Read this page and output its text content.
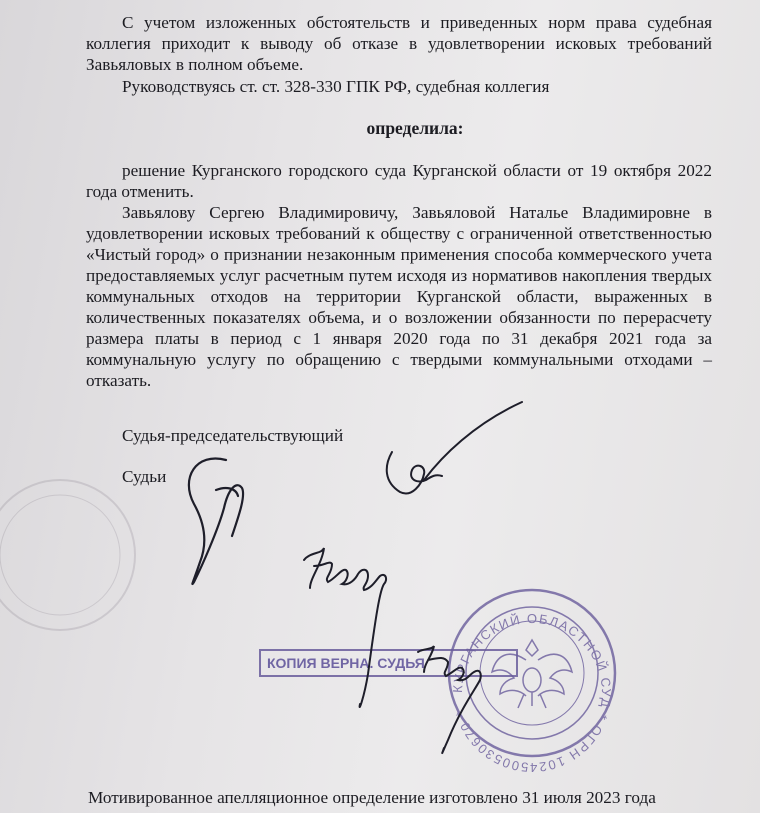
С учетом изложенных обстоятельств и приведенных норм права судебная коллегия приходит к выводу об отказе в удовлетворении исковых требований Завьяловых в полном объеме.

Руководствуясь ст. ст. 328-330 ГПК РФ, судебная коллегия

определила:

решение Курганского городского суда Курганской области от 19 октября 2022 года отменить.

Завьялову Сергею Владимировичу, Завьяловой Наталье Владимировне в удовлетворении исковых требований к обществу с ограниченной ответственностью «Чистый город» о признании незаконным применения способа коммерческого учета предоставляемых услуг расчетным путем исходя из нормативов накопления твердых коммунальных отходов на территории Курганской области, выраженных в количественных показателях объема, и о возложении обязанности по перерасчету размера платы в период с 1 января 2020 года по 31 декабря 2021 года за коммунальную услугу по обращению с твердыми коммунальными отходами – отказать.

Судья-председательствующий

Судьи

КОПИЯ ВЕРНА. СУДЬЯ

Мотивированное апелляционное определение изготовлено 31 июля 2023 года

КУРГАНСКИЙ ОБЛАСТНОЙ СУД * ОГРН 1024500530670 *
